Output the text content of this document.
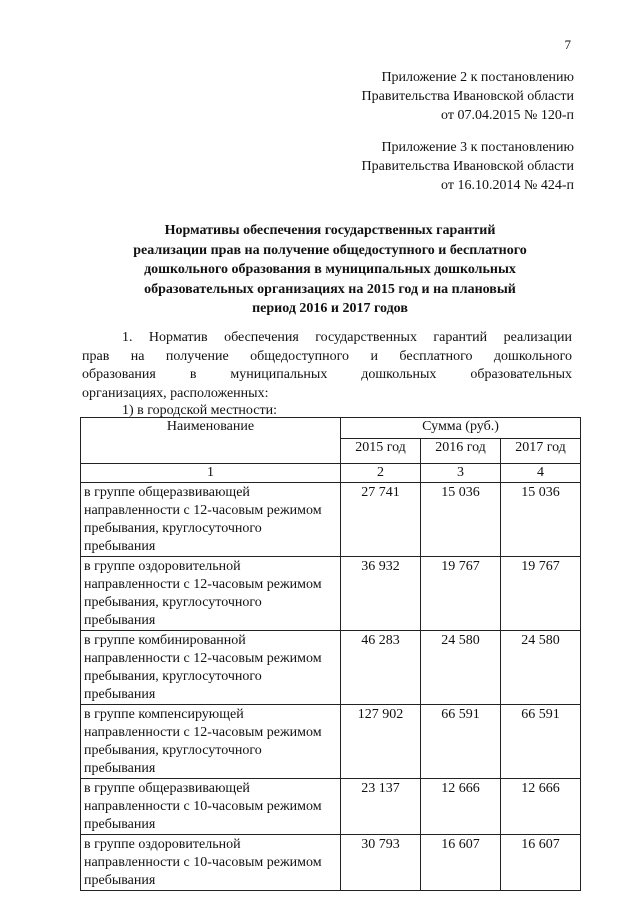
7
Приложение 2 к постановлению
Правительства Ивановской области
от 07.04.2015 № 120-п
Приложение 3 к постановлению
Правительства Ивановской области
от 16.10.2014 № 424-п
Нормативы обеспечения государственных гарантий
реализации прав на получение общедоступного и бесплатного
дошкольного образования в муниципальных дошкольных
образовательных организациях на 2015 год и на плановый
период 2016 и 2017 годов
1. Норматив обеспечения государственных гарантий реализации
прав на получение общедоступного и бесплатного дошкольного
образования в муниципальных дошкольных образовательных
организациях, расположенных:
1) в городской местности:
Наименование	Сумма (руб.)		
	2015 год	2016 год	2017 год
1	2	3	4

в группе общеразвивающей
направленности с 12-часовым режимом
пребывания, круглосуточного
пребывания	27 741	15 036	15 036

в группе оздоровительной
направленности с 12-часовым режимом
пребывания, круглосуточного
пребывания	36 932	19 767	19 767

в группе комбинированной
направленности с 12-часовым режимом
пребывания, круглосуточного
пребывания	46 283	24 580	24 580

в группе компенсирующей
направленности с 12-часовым режимом
пребывания, круглосуточного
пребывания	127 902	66 591	66 591

в группе общеразвивающей
направленности с 10-часовым режимом
пребывания	23 137	12 666	12 666

в группе оздоровительной
направленности с 10-часовым режимом
пребывания	30 793	16 607	16 607
